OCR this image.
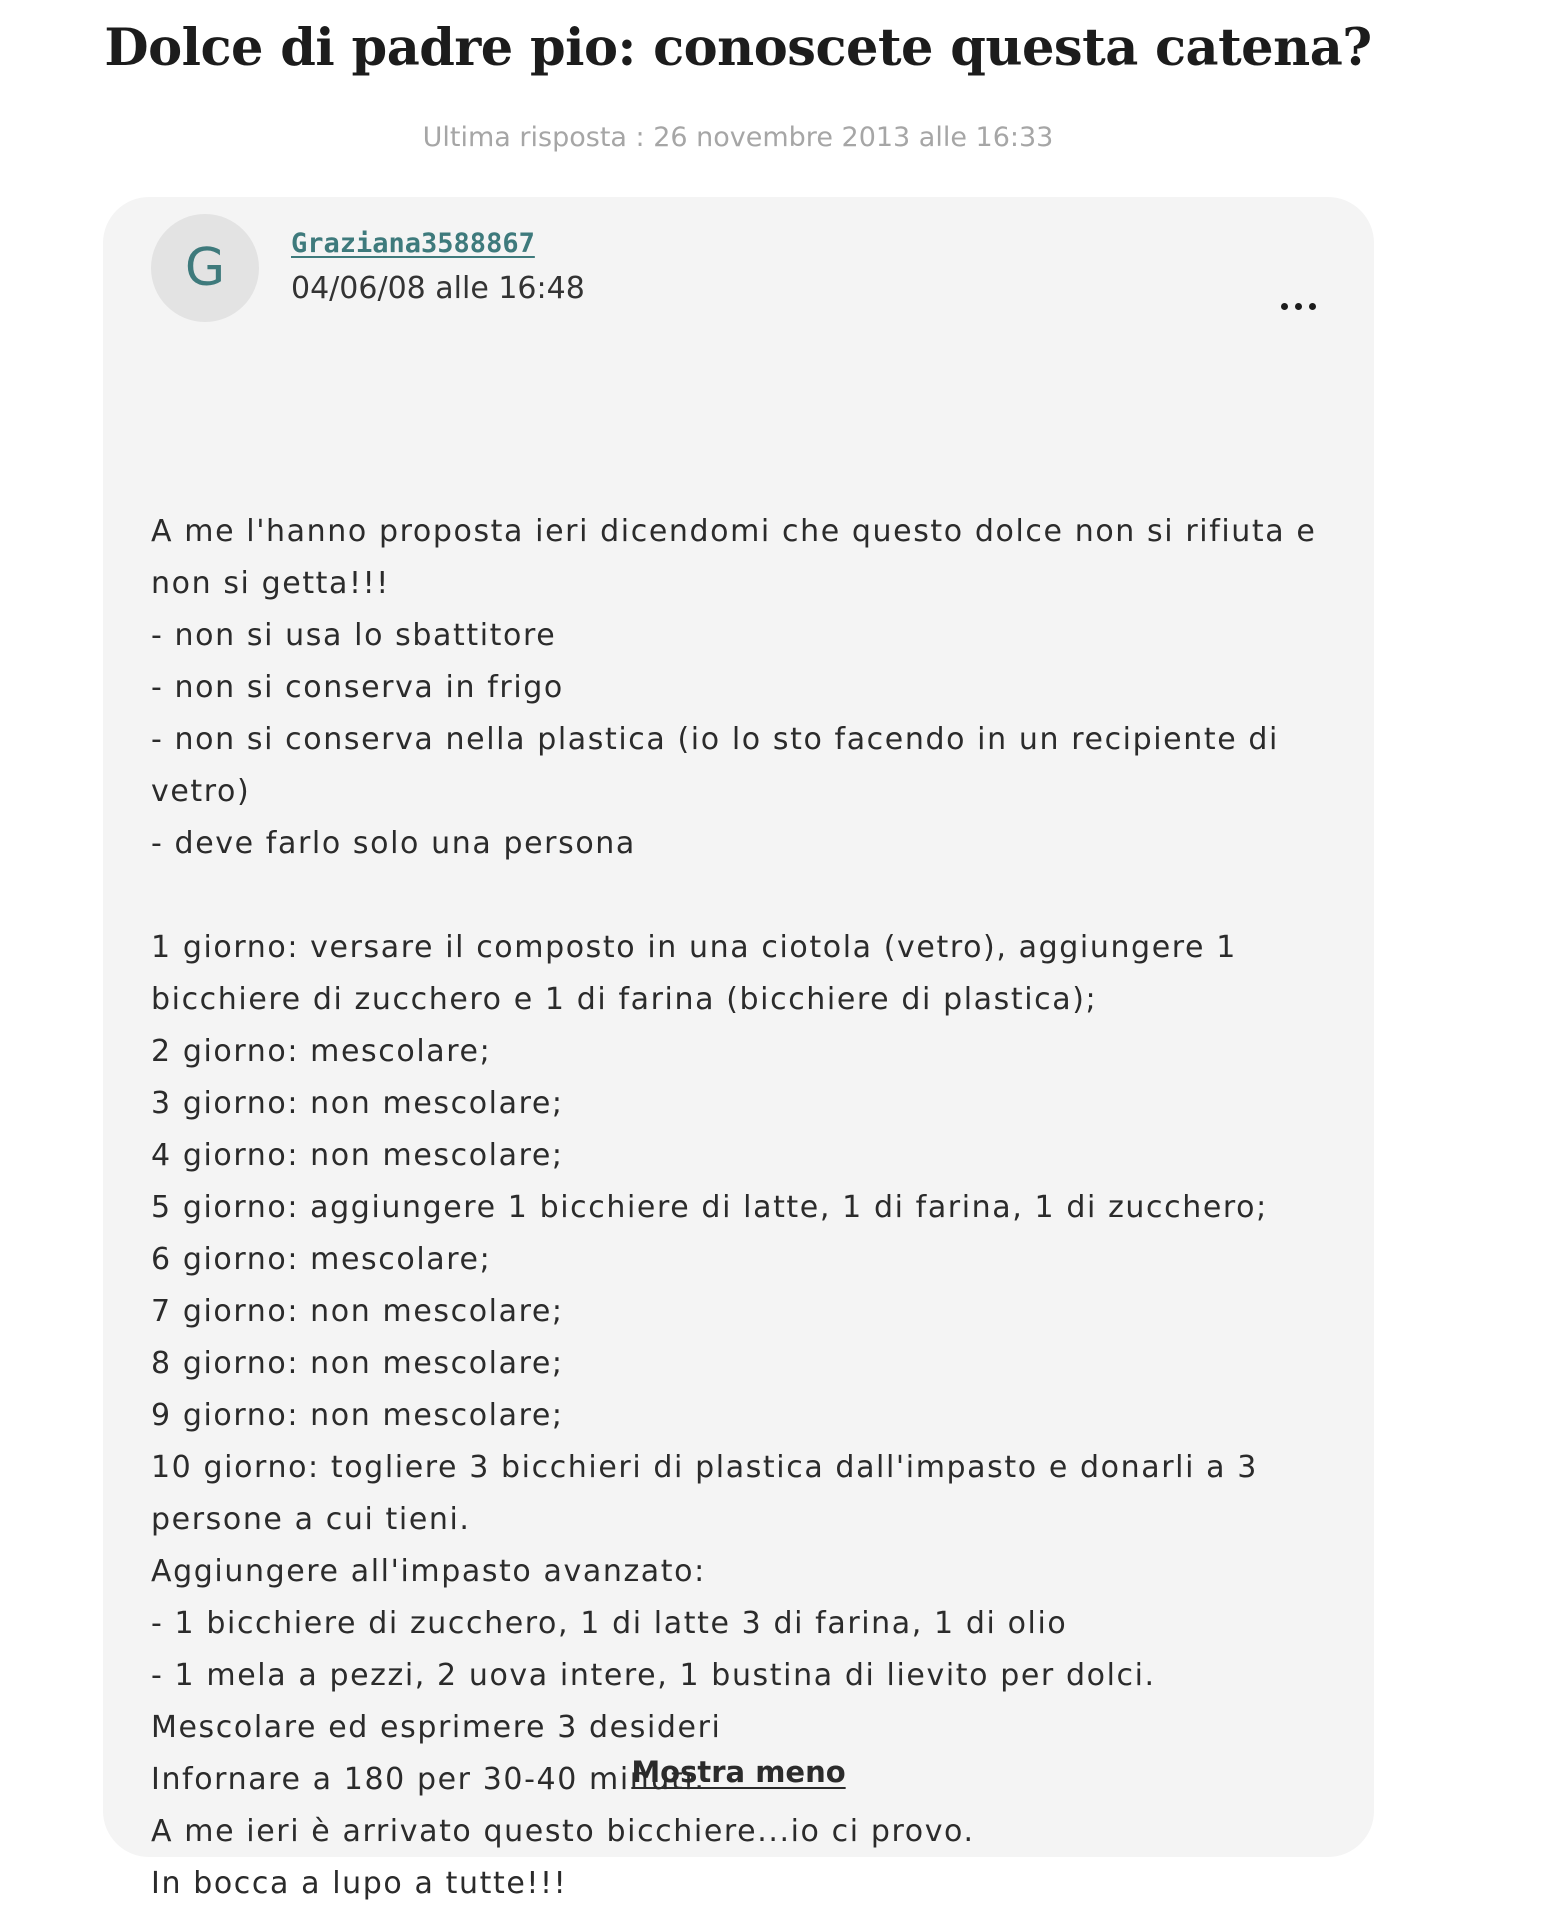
Dolce di padre pio: conoscete questa catena?
Ultima risposta : 26 novembre 2013 alle 16:33
G	Graziana3588867
04/06/08 alle 16:48
A me l'hanno proposta ieri dicendomi che questo dolce non si rifiuta e
non si getta!!!
- non si usa lo sbattitore
- non si conserva in frigo
- non si conserva nella plastica (io lo sto facendo in un recipiente di
vetro)
- deve farlo solo una persona
1 giorno: versare il composto in una ciotola (vetro), aggiungere 1
bicchiere di zucchero e 1 di farina (bicchiere di plastica);
2 giorno: mescolare;
3 giorno: non mescolare;
4 giorno: non mescolare;
5 giorno: aggiungere 1 bicchiere di latte, 1 di farina, 1 di zucchero;
6 giorno: mescolare;
7 giorno: non mescolare;
8 giorno: non mescolare;
9 giorno: non mescolare;
10 giorno: togliere 3 bicchieri di plastica dall'impasto e donarli a 3
persone a cui tieni.
Aggiungere all'impasto avanzato:
- 1 bicchiere di zucchero, 1 di latte 3 di farina, 1 di olio
- 1 mela a pezzi, 2 uova intere, 1 bustina di lievito per dolci.
Mescolare ed esprimere 3 desideri
Infornare a 180 per 30-40 minuti.
A me ieri è arrivato questo bicchiere...io ci provo.
In bocca a lupo a tutte!!!
Mostra meno
